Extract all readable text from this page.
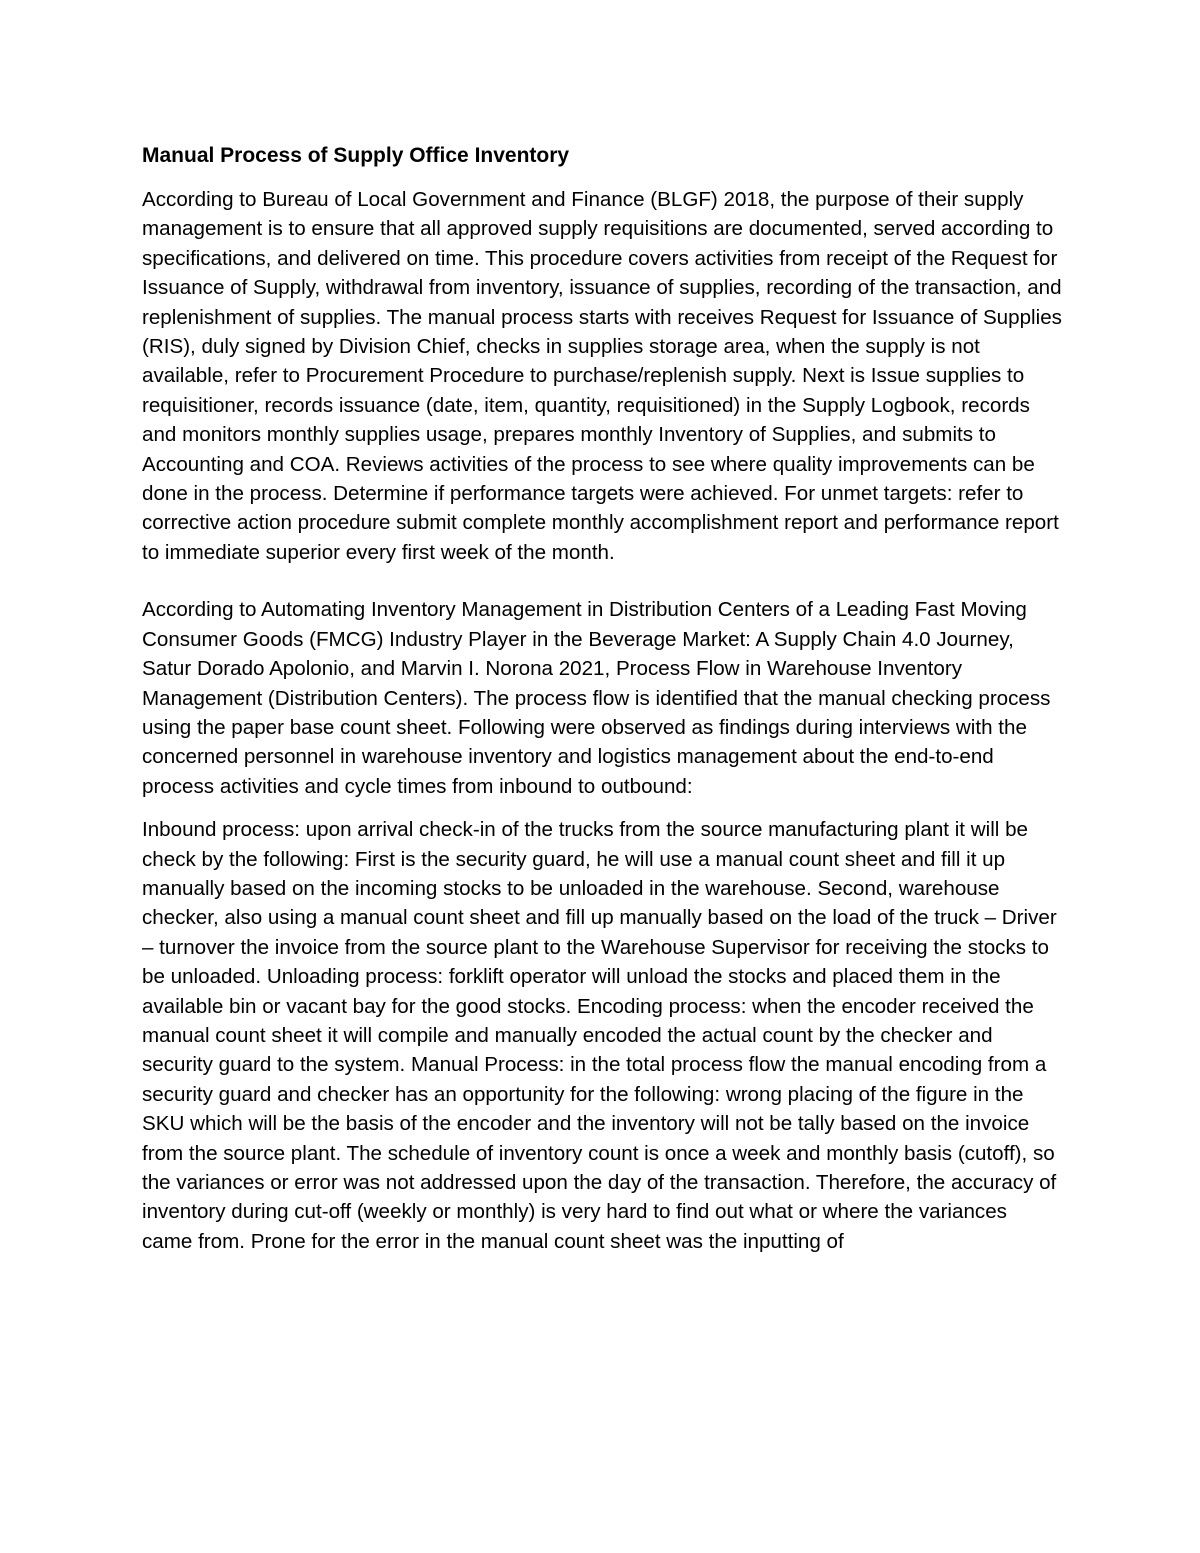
Manual Process of Supply Office Inventory

According to Bureau of Local Government and Finance (BLGF) 2018, the purpose of their supply management is to ensure that all approved supply requisitions are documented, served according to specifications, and delivered on time. This procedure covers activities from receipt of the Request for Issuance of Supply, withdrawal from inventory, issuance of supplies, recording of the transaction, and replenishment of supplies. The manual process starts with receives Request for Issuance of Supplies (RIS), duly signed by Division Chief, checks in supplies storage area, when the supply is not available, refer to Procurement Procedure to purchase/replenish supply. Next is Issue supplies to requisitioner, records issuance (date, item, quantity, requisitioned) in the Supply Logbook, records and monitors monthly supplies usage, prepares monthly Inventory of Supplies, and submits to Accounting and COA. Reviews activities of the process to see where quality improvements can be done in the process. Determine if performance targets were achieved. For unmet targets: refer to corrective action procedure submit complete monthly accomplishment report and performance report to immediate superior every first week of the month.

According to Automating Inventory Management in Distribution Centers of a Leading Fast Moving Consumer Goods (FMCG) Industry Player in the Beverage Market: A Supply Chain 4.0 Journey, Satur Dorado Apolonio, and Marvin I. Norona 2021, Process Flow in Warehouse Inventory Management (Distribution Centers). The process flow is identified that the manual checking process using the paper base count sheet. Following were observed as findings during interviews with the concerned personnel in warehouse inventory and logistics management about the end-to-end process activities and cycle times from inbound to outbound:

Inbound process: upon arrival check-in of the trucks from the source manufacturing plant it will be check by the following: First is the security guard, he will use a manual count sheet and fill it up manually based on the incoming stocks to be unloaded in the warehouse. Second, warehouse checker, also using a manual count sheet and fill up manually based on the load of the truck – Driver – turnover the invoice from the source plant to the Warehouse Supervisor for receiving the stocks to be unloaded. Unloading process: forklift operator will unload the stocks and placed them in the available bin or vacant bay for the good stocks. Encoding process: when the encoder received the manual count sheet it will compile and manually encoded the actual count by the checker and security guard to the system. Manual Process: in the total process flow the manual encoding from a security guard and checker has an opportunity for the following: wrong placing of the figure in the SKU which will be the basis of the encoder and the inventory will not be tally based on the invoice from the source plant. The schedule of inventory count is once a week and monthly basis (cutoff), so the variances or error was not addressed upon the day of the transaction. Therefore, the accuracy of inventory during cut-off (weekly or monthly) is very hard to find out what or where the variances came from. Prone for the error in the manual count sheet was the inputting of
